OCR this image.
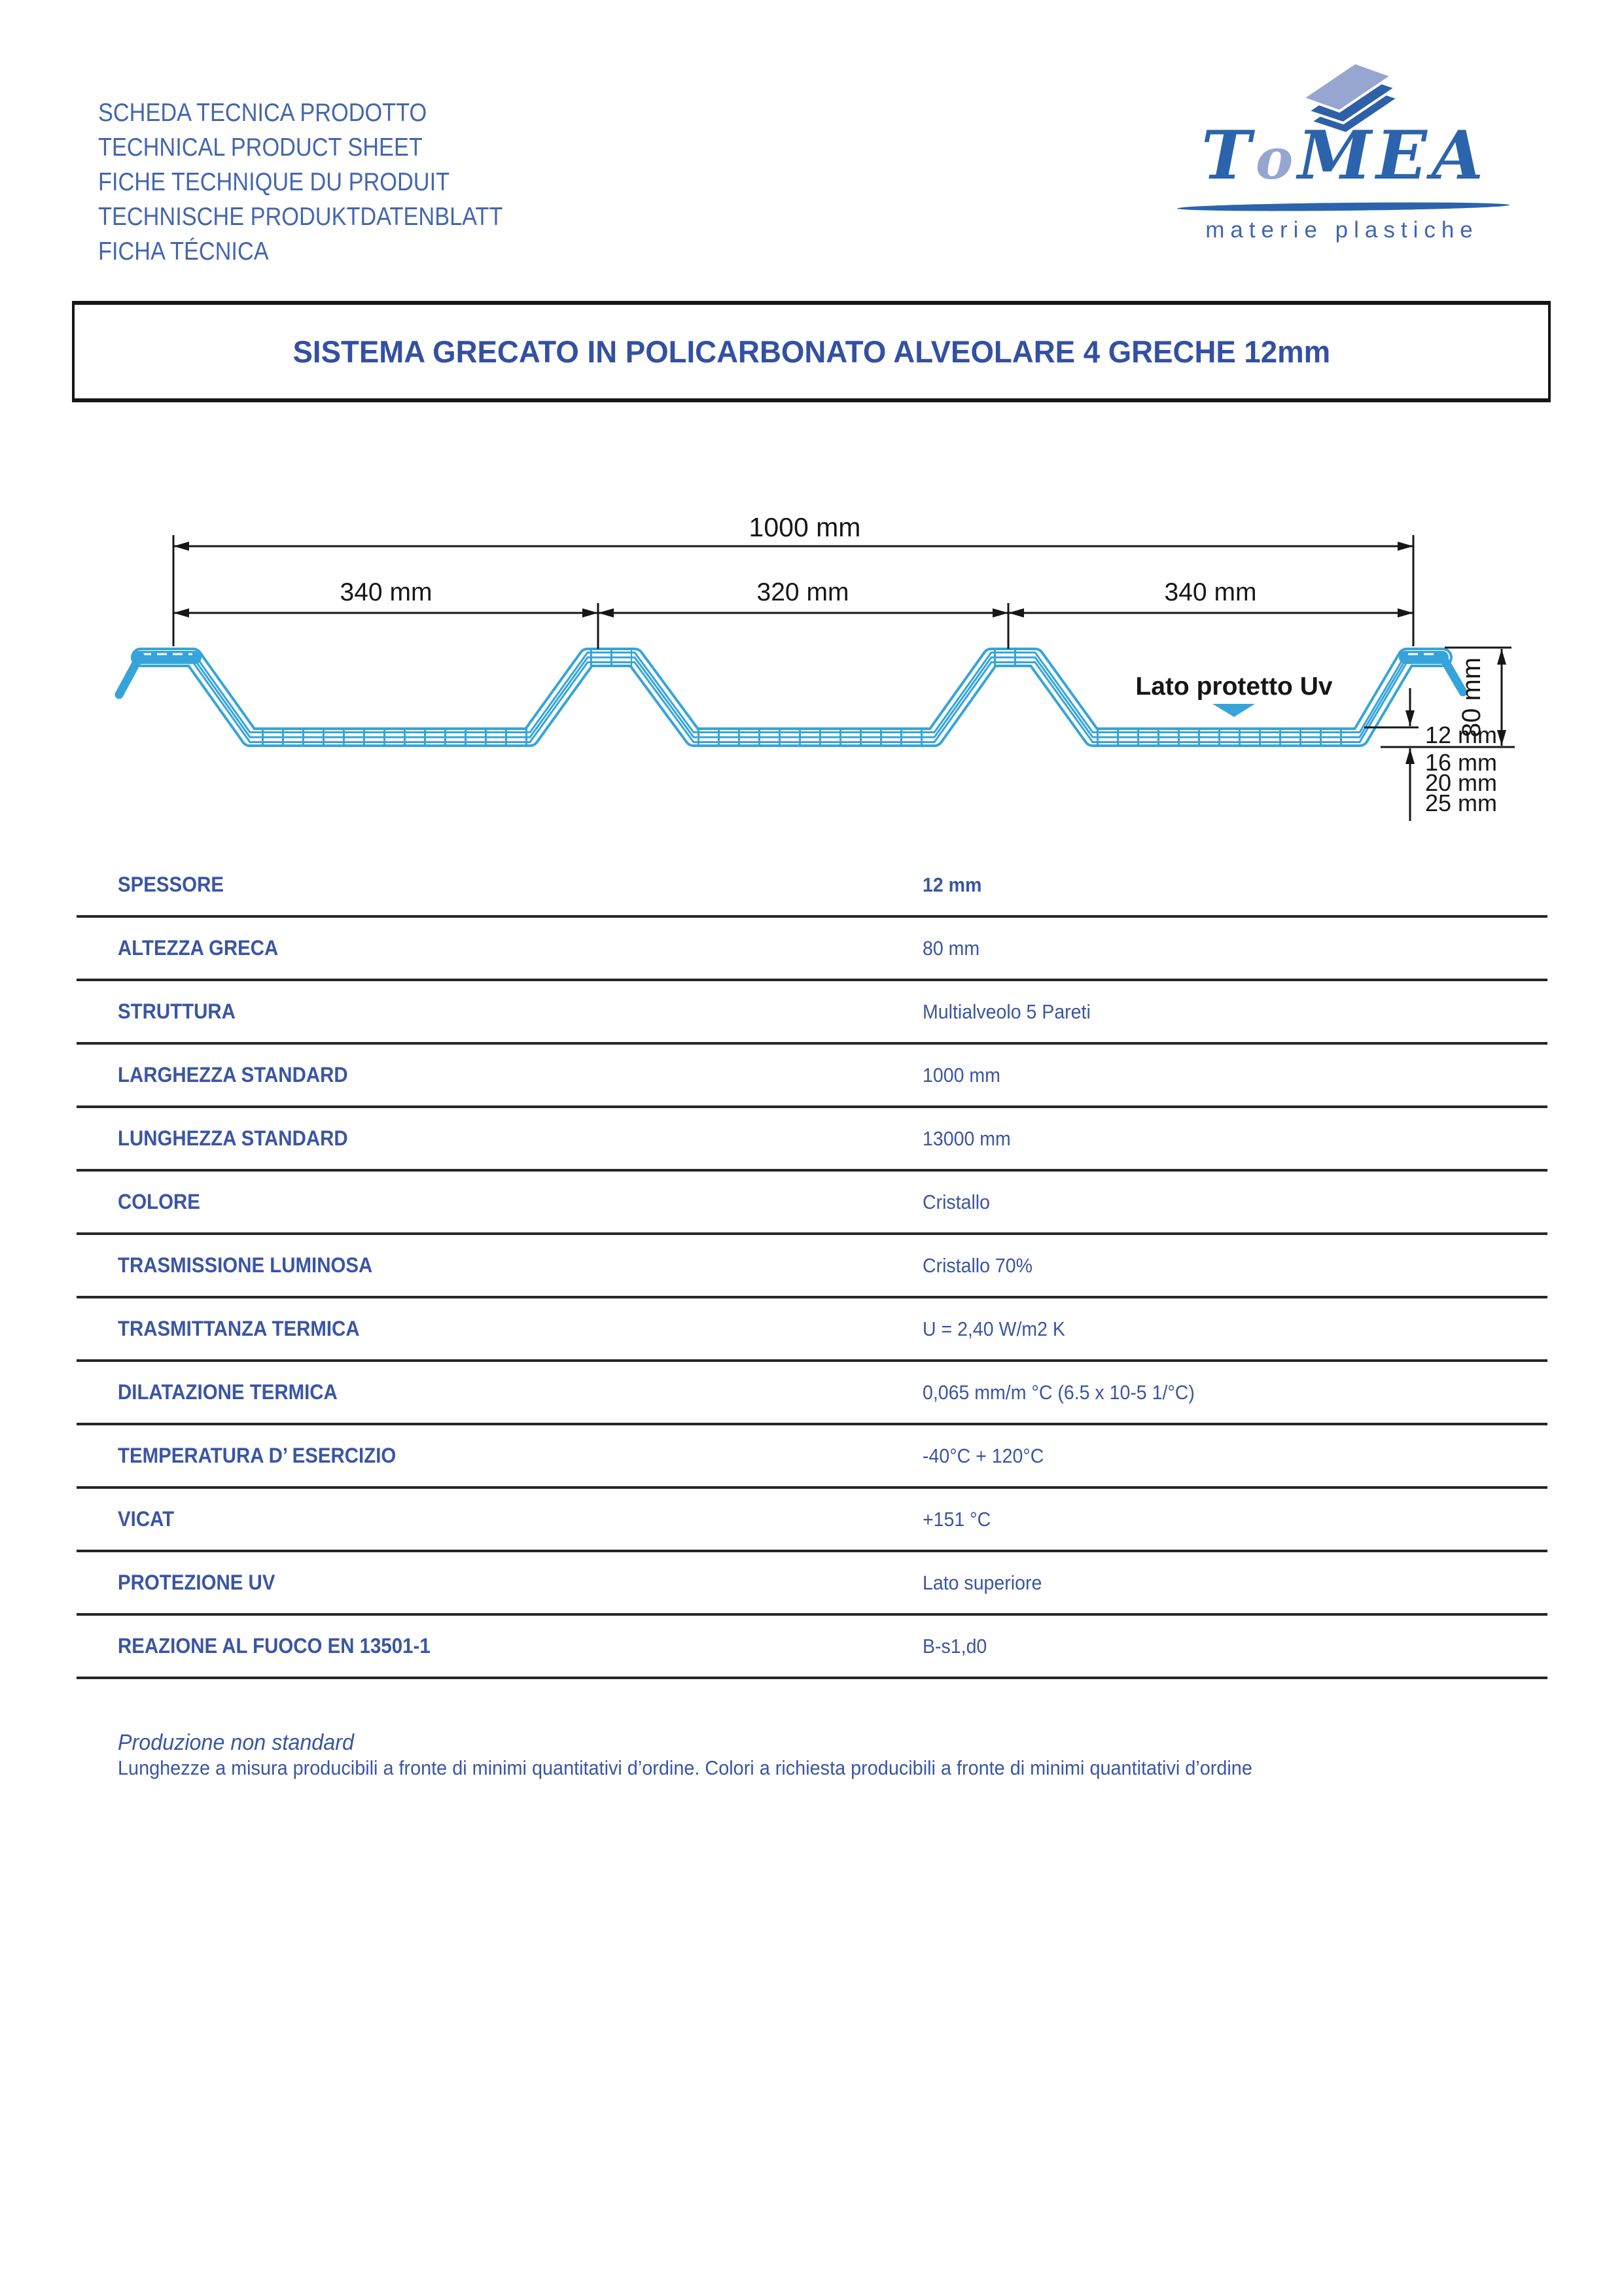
SCHEDA TECNICA PRODOTTO
TECHNICAL PRODUCT SHEET
FICHE TECHNIQUE DU PRODUIT
TECHNISCHE PRODUKTDATENBLATT
FICHA TÉCNICA
ToMEA
materie plastiche
SISTEMA GRECATO IN POLICARBONATO ALVEOLARE 4 GRECHE 12mm
1000 mm
340 mm	320 mm	340 mm
80 mm
12 mm
16 mm
20 mm
25 mm
Lato protetto Uv
SPESSORE	12 mm
ALTEZZA GRECA	80 mm
STRUTTURA	Multialveolo 5 Pareti
LARGHEZZA STANDARD	1000 mm
LUNGHEZZA STANDARD	13000 mm
COLORE	Cristallo
TRASMISSIONE LUMINOSA	Cristallo 70%
TRASMITTANZA TERMICA	U = 2,40 W/m2 K
DILATAZIONE TERMICA	0,065 mm/m °C (6.5 x 10-5 1/°C)
TEMPERATURA D’ ESERCIZIO	-40°C + 120°C
VICAT	+151 °C
PROTEZIONE UV	Lato superiore
REAZIONE AL FUOCO EN 13501-1	B-s1,d0
Produzione non standard
Lunghezze a misura producibili a fronte di minimi quantitativi d’ordine. Colori a richiesta producibili a fronte di minimi quantitativi d’ordine
